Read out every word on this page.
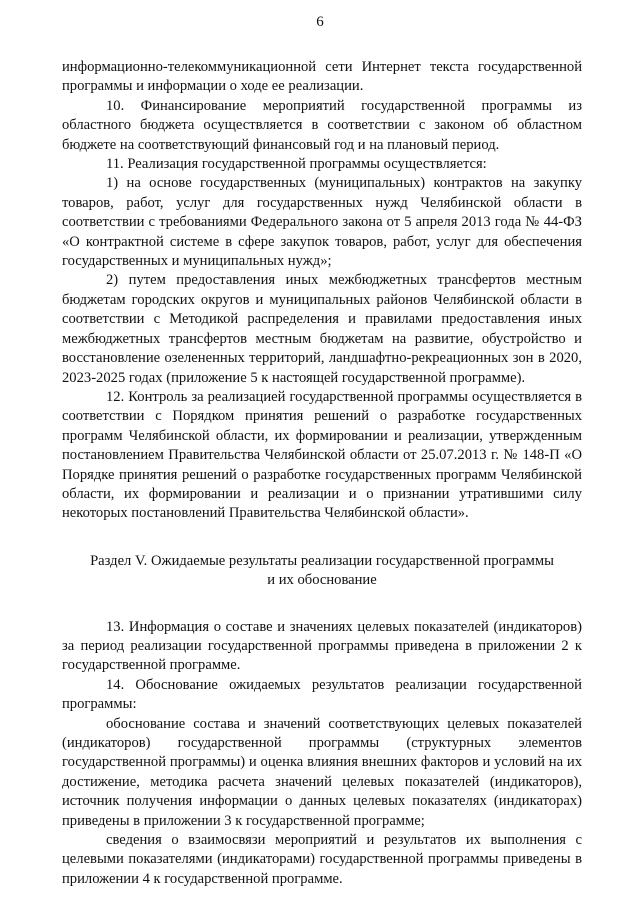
6

информационно-телекоммуникационной сети Интернет текста государственной программы и информации о ходе ее реализации.

10. Финансирование мероприятий государственной программы из областного бюджета осуществляется в соответствии с законом об областном бюджете на соответствующий финансовый год и на плановый период.

11. Реализация государственной программы осуществляется:

1) на основе государственных (муниципальных) контрактов на закупку товаров, работ, услуг для государственных нужд Челябинской области в соответствии с требованиями Федерального закона от 5 апреля 2013 года № 44-ФЗ «О контрактной системе в сфере закупок товаров, работ, услуг для обеспечения государственных и муниципальных нужд»;

2) путем предоставления иных межбюджетных трансфертов местным бюджетам городских округов и муниципальных районов Челябинской области в соответствии с Методикой распределения и правилами предоставления иных межбюджетных трансфертов местным бюджетам на развитие, обустройство и восстановление озелененных территорий, ландшафтно-рекреационных зон в 2020, 2023-2025 годах (приложение 5 к настоящей государственной программе).

12. Контроль за реализацией государственной программы осуществляется в соответствии с Порядком принятия решений о разработке государственных программ Челябинской области, их формировании и реализации, утвержденным постановлением Правительства Челябинской области от 25.07.2013 г. № 148-П «О Порядке принятия решений о разработке государственных программ Челябинской области, их формировании и реализации и о признании утратившими силу некоторых постановлений Правительства Челябинской области».

Раздел V. Ожидаемые результаты реализации государственной программы
и их обоснование

13. Информация о составе и значениях целевых показателей (индикаторов) за период реализации государственной программы приведена в приложении 2 к государственной программе.

14. Обоснование ожидаемых результатов реализации государственной программы:

обоснование состава и значений соответствующих целевых показателей (индикаторов) государственной программы (структурных элементов государственной программы) и оценка влияния внешних факторов и условий на их достижение, методика расчета значений целевых показателей (индикаторов), источник получения информации о данных целевых показателях (индикаторах) приведены в приложении 3 к государственной программе;

сведения о взаимосвязи мероприятий и результатов их выполнения с целевыми показателями (индикаторами) государственной программы приведены в приложении 4 к государственной программе.
